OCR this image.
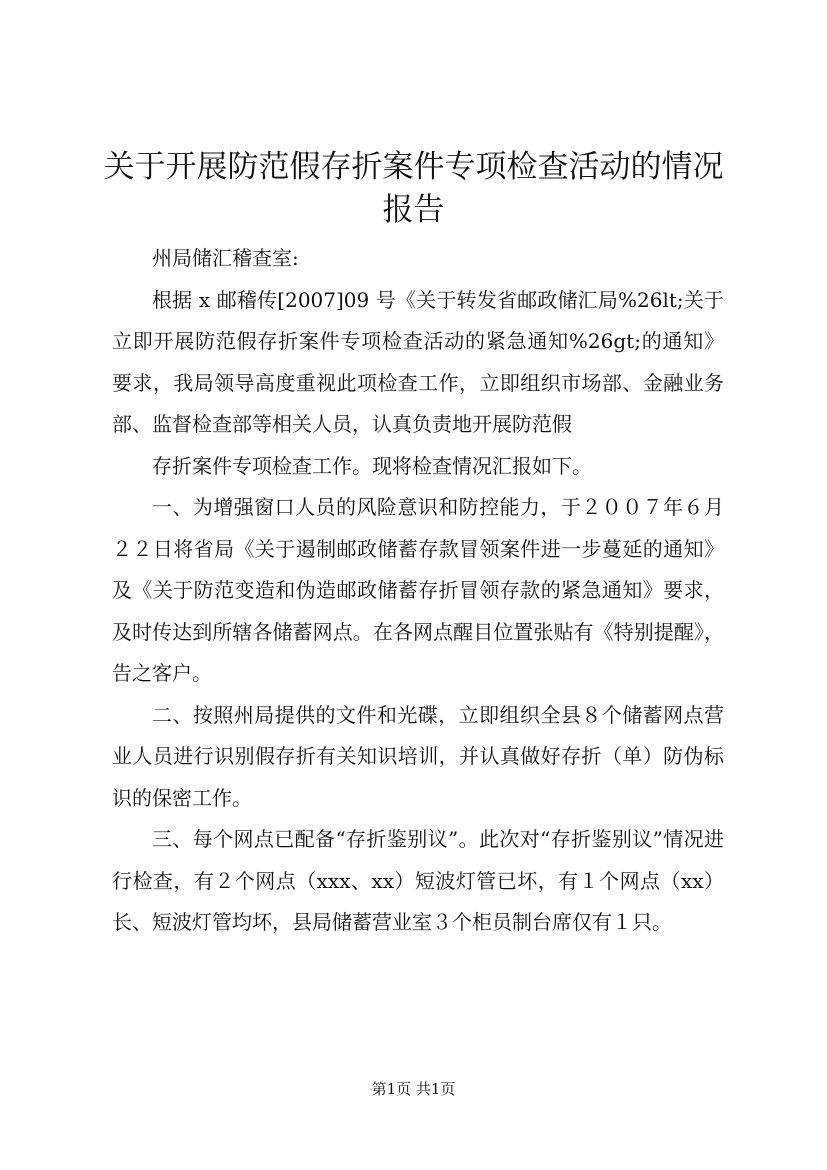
关于开展防范假存折案件专项检查活动的情况
报告

州局储汇稽查室:

根据 x 邮稽传[2007]09 号《关于转发省邮政储汇局%26lt;关于立即开展防范假存折案件专项检查活动的紧急通知%26gt;的通知》要求，我局领导高度重视此项检查工作，立即组织市场部、金融业务部、监督检查部等相关人员，认真负责地开展防范假

存折案件专项检查工作。现将检查情况汇报如下。

一、为增强窗口人员的风险意识和防控能力，于２００７年６月２２日将省局《关于遏制邮政储蓄存款冒领案件进一步蔓延的通知》及《关于防范变造和伪造邮政储蓄存折冒领存款的紧急通知》要求，及时传达到所辖各储蓄网点。在各网点醒目位置张贴有《特别提醒》，告之客户。

二、按照州局提供的文件和光碟，立即组织全县８个储蓄网点营业人员进行识别假存折有关知识培训，并认真做好存折（单）防伪标识的保密工作。

三、每个网点已配备“存折鉴别议”。此次对“存折鉴别议”情况进行检查，有２个网点（xxx、xx）短波灯管已坏，有１个网点（xx）长、短波灯管均坏，县局储蓄营业室３个柜员制台席仅有１只。

第1页 共1页
